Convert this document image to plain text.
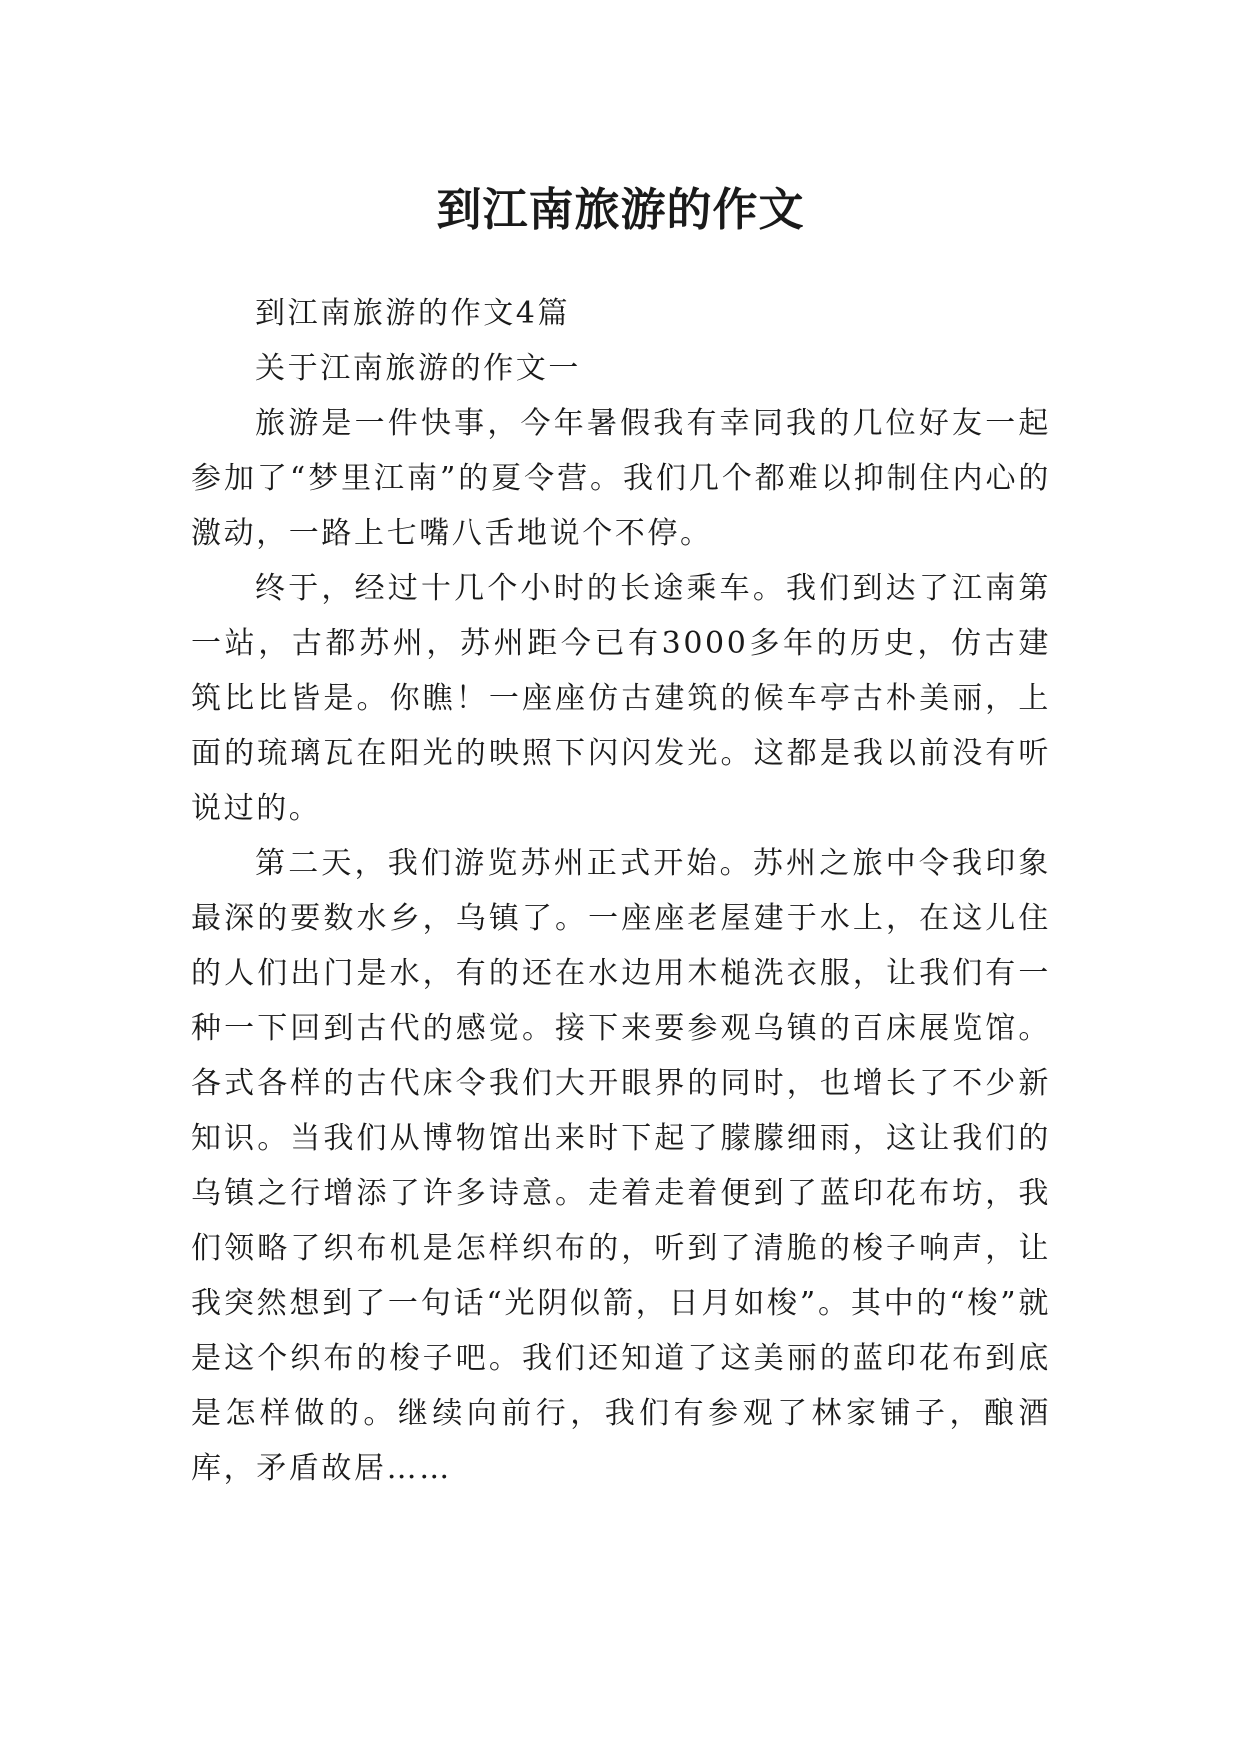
到江南旅游的作文

到江南旅游的作文4篇

关于江南旅游的作文一

旅游是一件快事，今年暑假我有幸同我的几位好友一起参加了“梦里江南”的夏令营。我们几个都难以抑制住内心的激动，一路上七嘴八舌地说个不停。

终于，经过十几个小时的长途乘车。我们到达了江南第一站，古都苏州，苏州距今已有3000多年的历史，仿古建筑比比皆是。你瞧！一座座仿古建筑的候车亭古朴美丽，上面的琉璃瓦在阳光的映照下闪闪发光。这都是我以前没有听说过的。

第二天，我们游览苏州正式开始。苏州之旅中令我印象最深的要数水乡，乌镇了。一座座老屋建于水上，在这儿住的人们出门是水，有的还在水边用木槌洗衣服，让我们有一种一下回到古代的感觉。接下来要参观乌镇的百床展览馆。各式各样的古代床令我们大开眼界的同时，也增长了不少新知识。当我们从博物馆出来时下起了朦朦细雨，这让我们的乌镇之行增添了许多诗意。走着走着便到了蓝印花布坊，我们领略了织布机是怎样织布的，听到了清脆的梭子响声，让我突然想到了一句话“光阴似箭，日月如梭”。其中的“梭”就是这个织布的梭子吧。我们还知道了这美丽的蓝印花布到底是怎样做的。继续向前行，我们有参观了林家铺子，酿酒库，矛盾故居……
